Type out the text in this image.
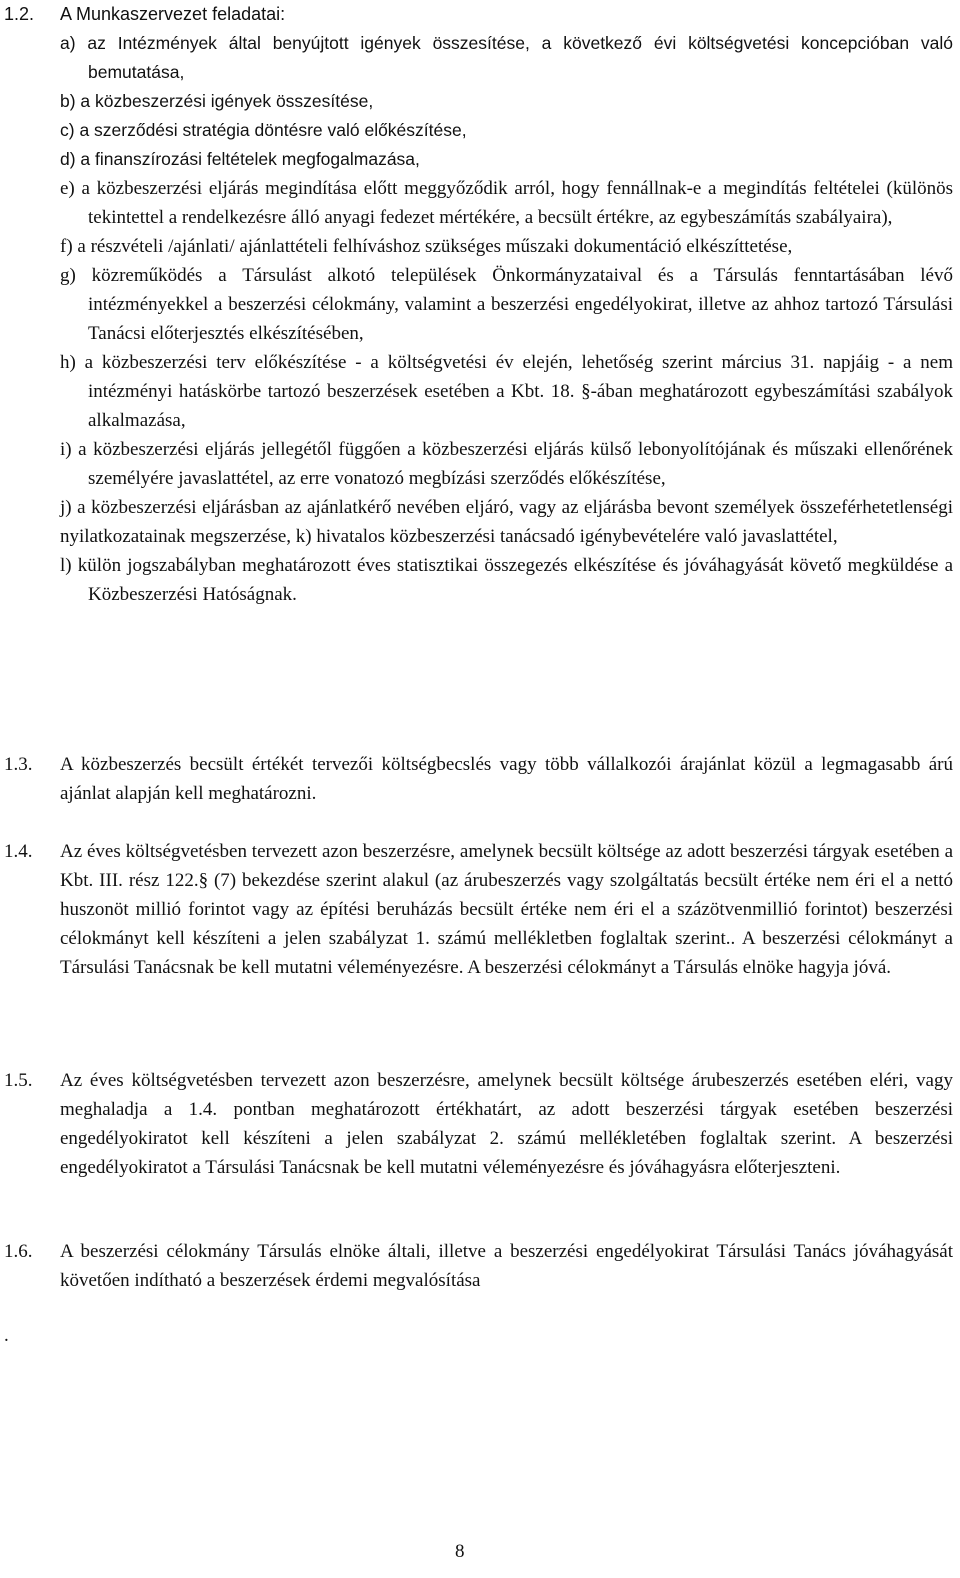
1.2. A Munkaszervezet feladatai:

a) az Intézmények által benyújtott igények összesítése, a következő évi költségvetési koncepcióban való bemutatása,

b) a közbeszerzési igények összesítése,

c) a szerződési stratégia döntésre való előkészítése,

d) a finanszírozási feltételek megfogalmazása,

e) a közbeszerzési eljárás megindítása előtt meggyőződik arról, hogy fennállnak-e a megindítás feltételei (különös tekintettel a rendelkezésre álló anyagi fedezet mértékére, a becsült értékre, az egybeszámítás szabályaira),

f) a részvételi /ajánlati/ ajánlattételi felhíváshoz szükséges műszaki dokumentáció elkészíttetése,

g) közreműködés a Társulást alkotó települések Önkormányzataival és a Társulás fenntartásában lévő intézményekkel a beszerzési célokmány, valamint a beszerzési engedélyokirat, illetve az ahhoz tartozó Társulási Tanácsi előterjesztés elkészítésében,

h) a közbeszerzési terv előkészítése - a költségvetési év elején, lehetőség szerint március 31. napjáig - a nem intézményi hatáskörbe tartozó beszerzések esetében a Kbt. 18. §-ában meghatározott egybeszámítási szabályok alkalmazása,

i) a közbeszerzési eljárás jellegétől függően a közbeszerzési eljárás külső lebonyolítójának és műszaki ellenőrének személyére javaslattétel, az erre vonatozó megbízási szerződés előkészítése,

j) a közbeszerzési eljárásban az ajánlatkérő nevében eljáró, vagy az eljárásba bevont személyek összeférhetetlenségi nyilatkozatainak megszerzése, k) hivatalos közbeszerzési tanácsadó igénybevételére való javaslattétel,

l) külön jogszabályban meghatározott éves statisztikai összegezés elkészítése és jóváhagyását követő megküldése a Közbeszerzési Hatóságnak.

1.3. A közbeszerzés becsült értékét tervezői költségbecslés vagy több vállalkozói árajánlat közül a legmagasabb árú ajánlat alapján kell meghatározni.

1.4. Az éves költségvetésben tervezett azon beszerzésre, amelynek becsült költsége az adott beszerzési tárgyak esetében a Kbt. III. rész 122.§ (7) bekezdése szerint alakul (az árubeszerzés vagy szolgáltatás becsült értéke nem éri el a nettó huszonöt millió forintot vagy az építési beruházás becsült értéke nem éri el a százötvenmillió forintot) beszerzési célokmányt kell készíteni a jelen szabályzat 1. számú mellékletben foglaltak szerint.. A beszerzési célokmányt a Társulási Tanácsnak be kell mutatni véleményezésre. A beszerzési célokmányt a Társulás elnöke hagyja jóvá.

1.5. Az éves költségvetésben tervezett azon beszerzésre, amelynek becsült költsége árubeszerzés esetében eléri, vagy meghaladja a 1.4. pontban meghatározott értékhatárt, az adott beszerzési tárgyak esetében beszerzési engedélyokiratot kell készíteni a jelen szabályzat 2. számú mellékletében foglaltak szerint. A beszerzési engedélyokiratot a Társulási Tanácsnak be kell mutatni véleményezésre és jóváhagyásra előterjeszteni.

1.6. A beszerzési célokmány Társulás elnöke általi, illetve a beszerzési engedélyokirat Társulási Tanács jóváhagyását követően indítható a beszerzések érdemi megvalósítása

.
8
